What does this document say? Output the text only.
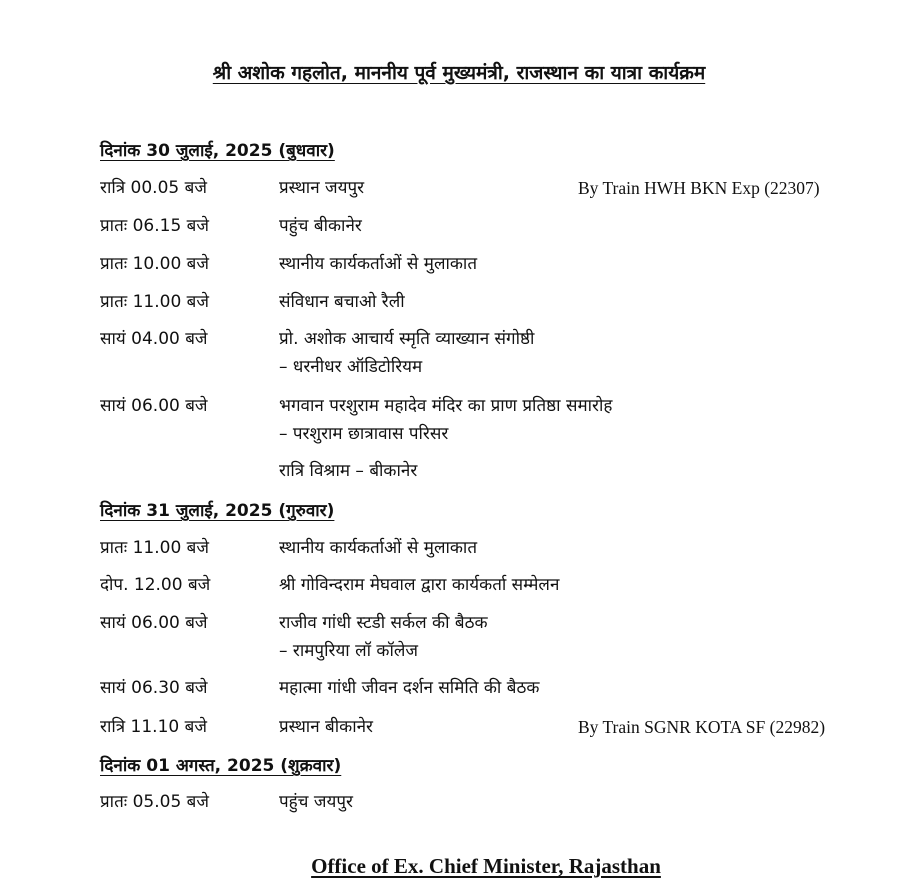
श्री अशोक गहलोत, माननीय पूर्व मुख्यमंत्री, राजस्थान का यात्रा कार्यक्रम
दिनांक 30 जुलाई, 2025 (बुधवार)
रात्रि 00.05 बजे	प्रस्थान जयपुर	By Train HWH BKN Exp (22307)
प्रातः 06.15 बजे	पहुंच बीकानेर
प्रातः 10.00 बजे	स्थानीय कार्यकर्ताओं से मुलाकात
प्रातः 11.00 बजे	संविधान बचाओ रैली
सायं 04.00 बजे	प्रो. अशोक आचार्य स्मृति व्याख्यान संगोष्ठी
– धरनीधर ऑडिटोरियम
सायं 06.00 बजे	भगवान परशुराम महादेव मंदिर का प्राण प्रतिष्ठा समारोह
– परशुराम छात्रावास परिसर
रात्रि विश्राम – बीकानेर
दिनांक 31 जुलाई, 2025 (गुरुवार)
प्रातः 11.00 बजे	स्थानीय कार्यकर्ताओं से मुलाकात
दोप. 12.00 बजे	श्री गोविन्दराम मेघवाल द्वारा कार्यकर्ता सम्मेलन
सायं 06.00 बजे	राजीव गांधी स्टडी सर्कल की बैठक
– रामपुरिया लॉ कॉलेज
सायं 06.30 बजे	महात्मा गांधी जीवन दर्शन समिति की बैठक
रात्रि 11.10 बजे	प्रस्थान बीकानेर	By Train SGNR KOTA SF (22982)
दिनांक 01 अगस्त, 2025 (शुक्रवार)
प्रातः 05.05 बजे	पहुंच जयपुर
Office of Ex. Chief Minister, Rajasthan
